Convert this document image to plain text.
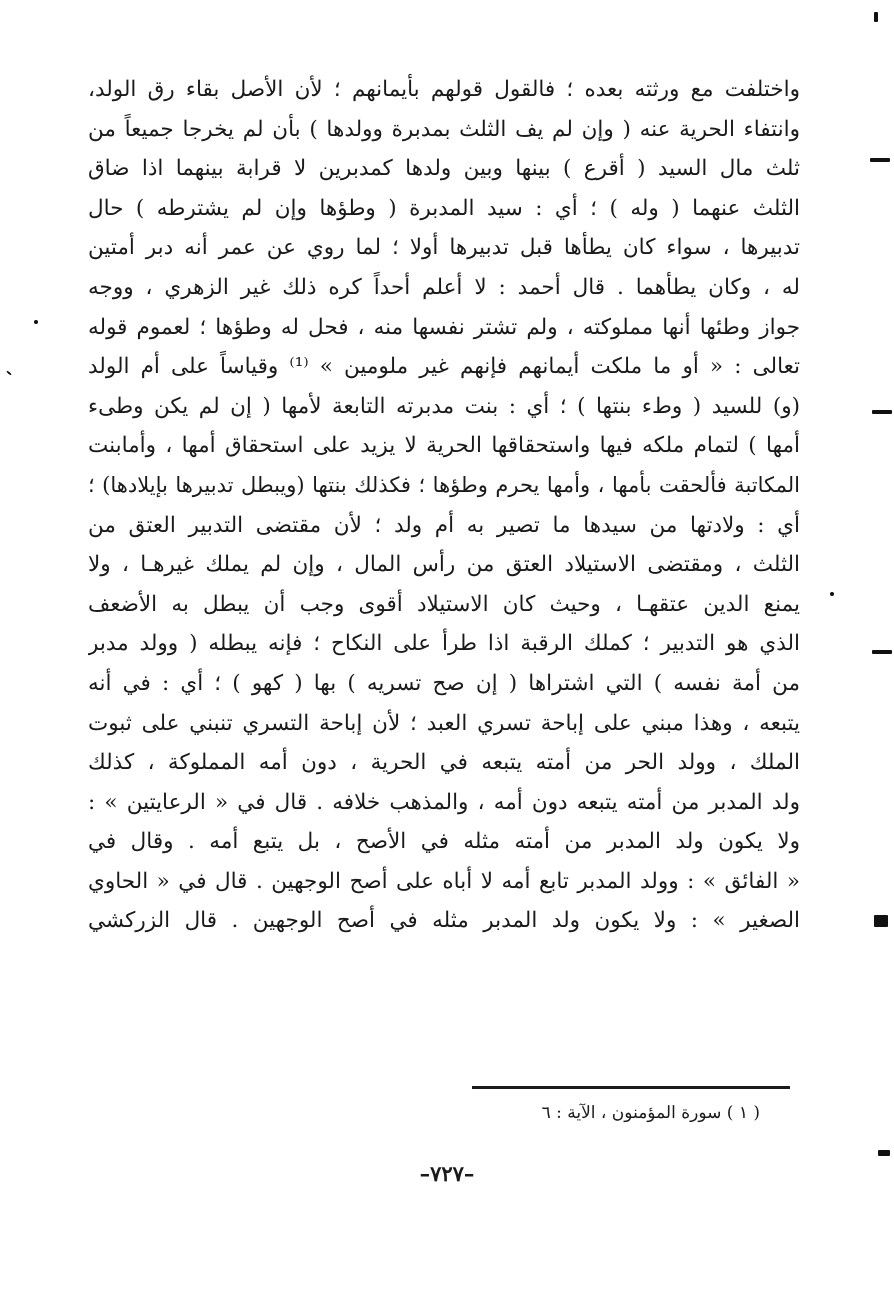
واختلفت مع ورثته بعده ؛ فالقول قولهم بأيمانهم ؛ لأن الأصل بقاء رق الولد،
وانتفاء الحرية عنه ( وإن لم يف الثلث بمدبرة وولدها ) بأن لم يخرجا جميعاً من
ثلث مال السيد ( أقرع ) بينها وبين ولدها كمدبرين لا قرابة بينهما اذا ضاق
الثلث عنهما ( وله ) ؛ أي : سيد المدبرة ( وطؤها وإن لم يشترطه ) حال
تدبيرها ، سواء كان يطأها قبل تدبيرها أولا ؛ لما روي عن عمر أنه دبر أمتين
له ، وكان يطأهما . قال أحمد : لا أعلم أحداً كره ذلك غير الزهري ، ووجه
جواز وطئها أنها مملوكته ، ولم تشتر نفسها منه ، فحل له وطؤها ؛ لعموم قوله
تعالى : « أو ما ملكت أيمانهم فإنهم غير ملومين » ⁽¹⁾ وقياساً على أم الولد
(و) للسيد ( وطء بنتها ) ؛ أي : بنت مدبرته التابعة لأمها ( إن لم يكن وطىء
أمها ) لتمام ملكه فيها واستحقاقها الحرية لا يزيد على استحقاق أمها ، وأمابنت
المكاتبة فألحقت بأمها ، وأمها يحرم وطؤها ؛ فكذلك بنتها (ويبطل تدبيرها بإيلادها) ؛
أي : ولادتها من سيدها ما تصير به أم ولد ؛ لأن مقتضى التدبير العتق من
الثلث ، ومقتضى الاستيلاد العتق من رأس المال ، وإن لم يملك غيرهـا ، ولا
يمنع الدين عتقهـا ، وحيث كان الاستيلاد أقوى وجب أن يبطل به الأضعف
الذي هو التدبير ؛ كملك الرقبة اذا طرأ على النكاح ؛ فإنه يبطله ( وولد مدبر
من أمة نفسه ) التي اشتراها ( إن صح تسريه ) بها ( كهو ) ؛ أي : في أنه
يتبعه ، وهذا مبني على إباحة تسري العبد ؛ لأن إباحة التسري تنبني على ثبوت
الملك ، وولد الحر من أمته يتبعه في الحرية ، دون أمه المملوكة ، كذلك
ولد المدبر من أمته يتبعه دون أمه ، والمذهب خلافه . قال في « الرعايتين » :
ولا يكون ولد المدبر من أمته مثله في الأصح ، بل يتبع أمه . وقال في
« الفائق » : وولد المدبر تابع أمه لا أباه على أصح الوجهين . قال في « الحاوي
الصغير » : ولا يكون ولد المدبر مثله في أصح الوجهين . قال الزركشي
( ١ ) سورة المؤمنون ، الآية : ٦
–٧٢٧–
